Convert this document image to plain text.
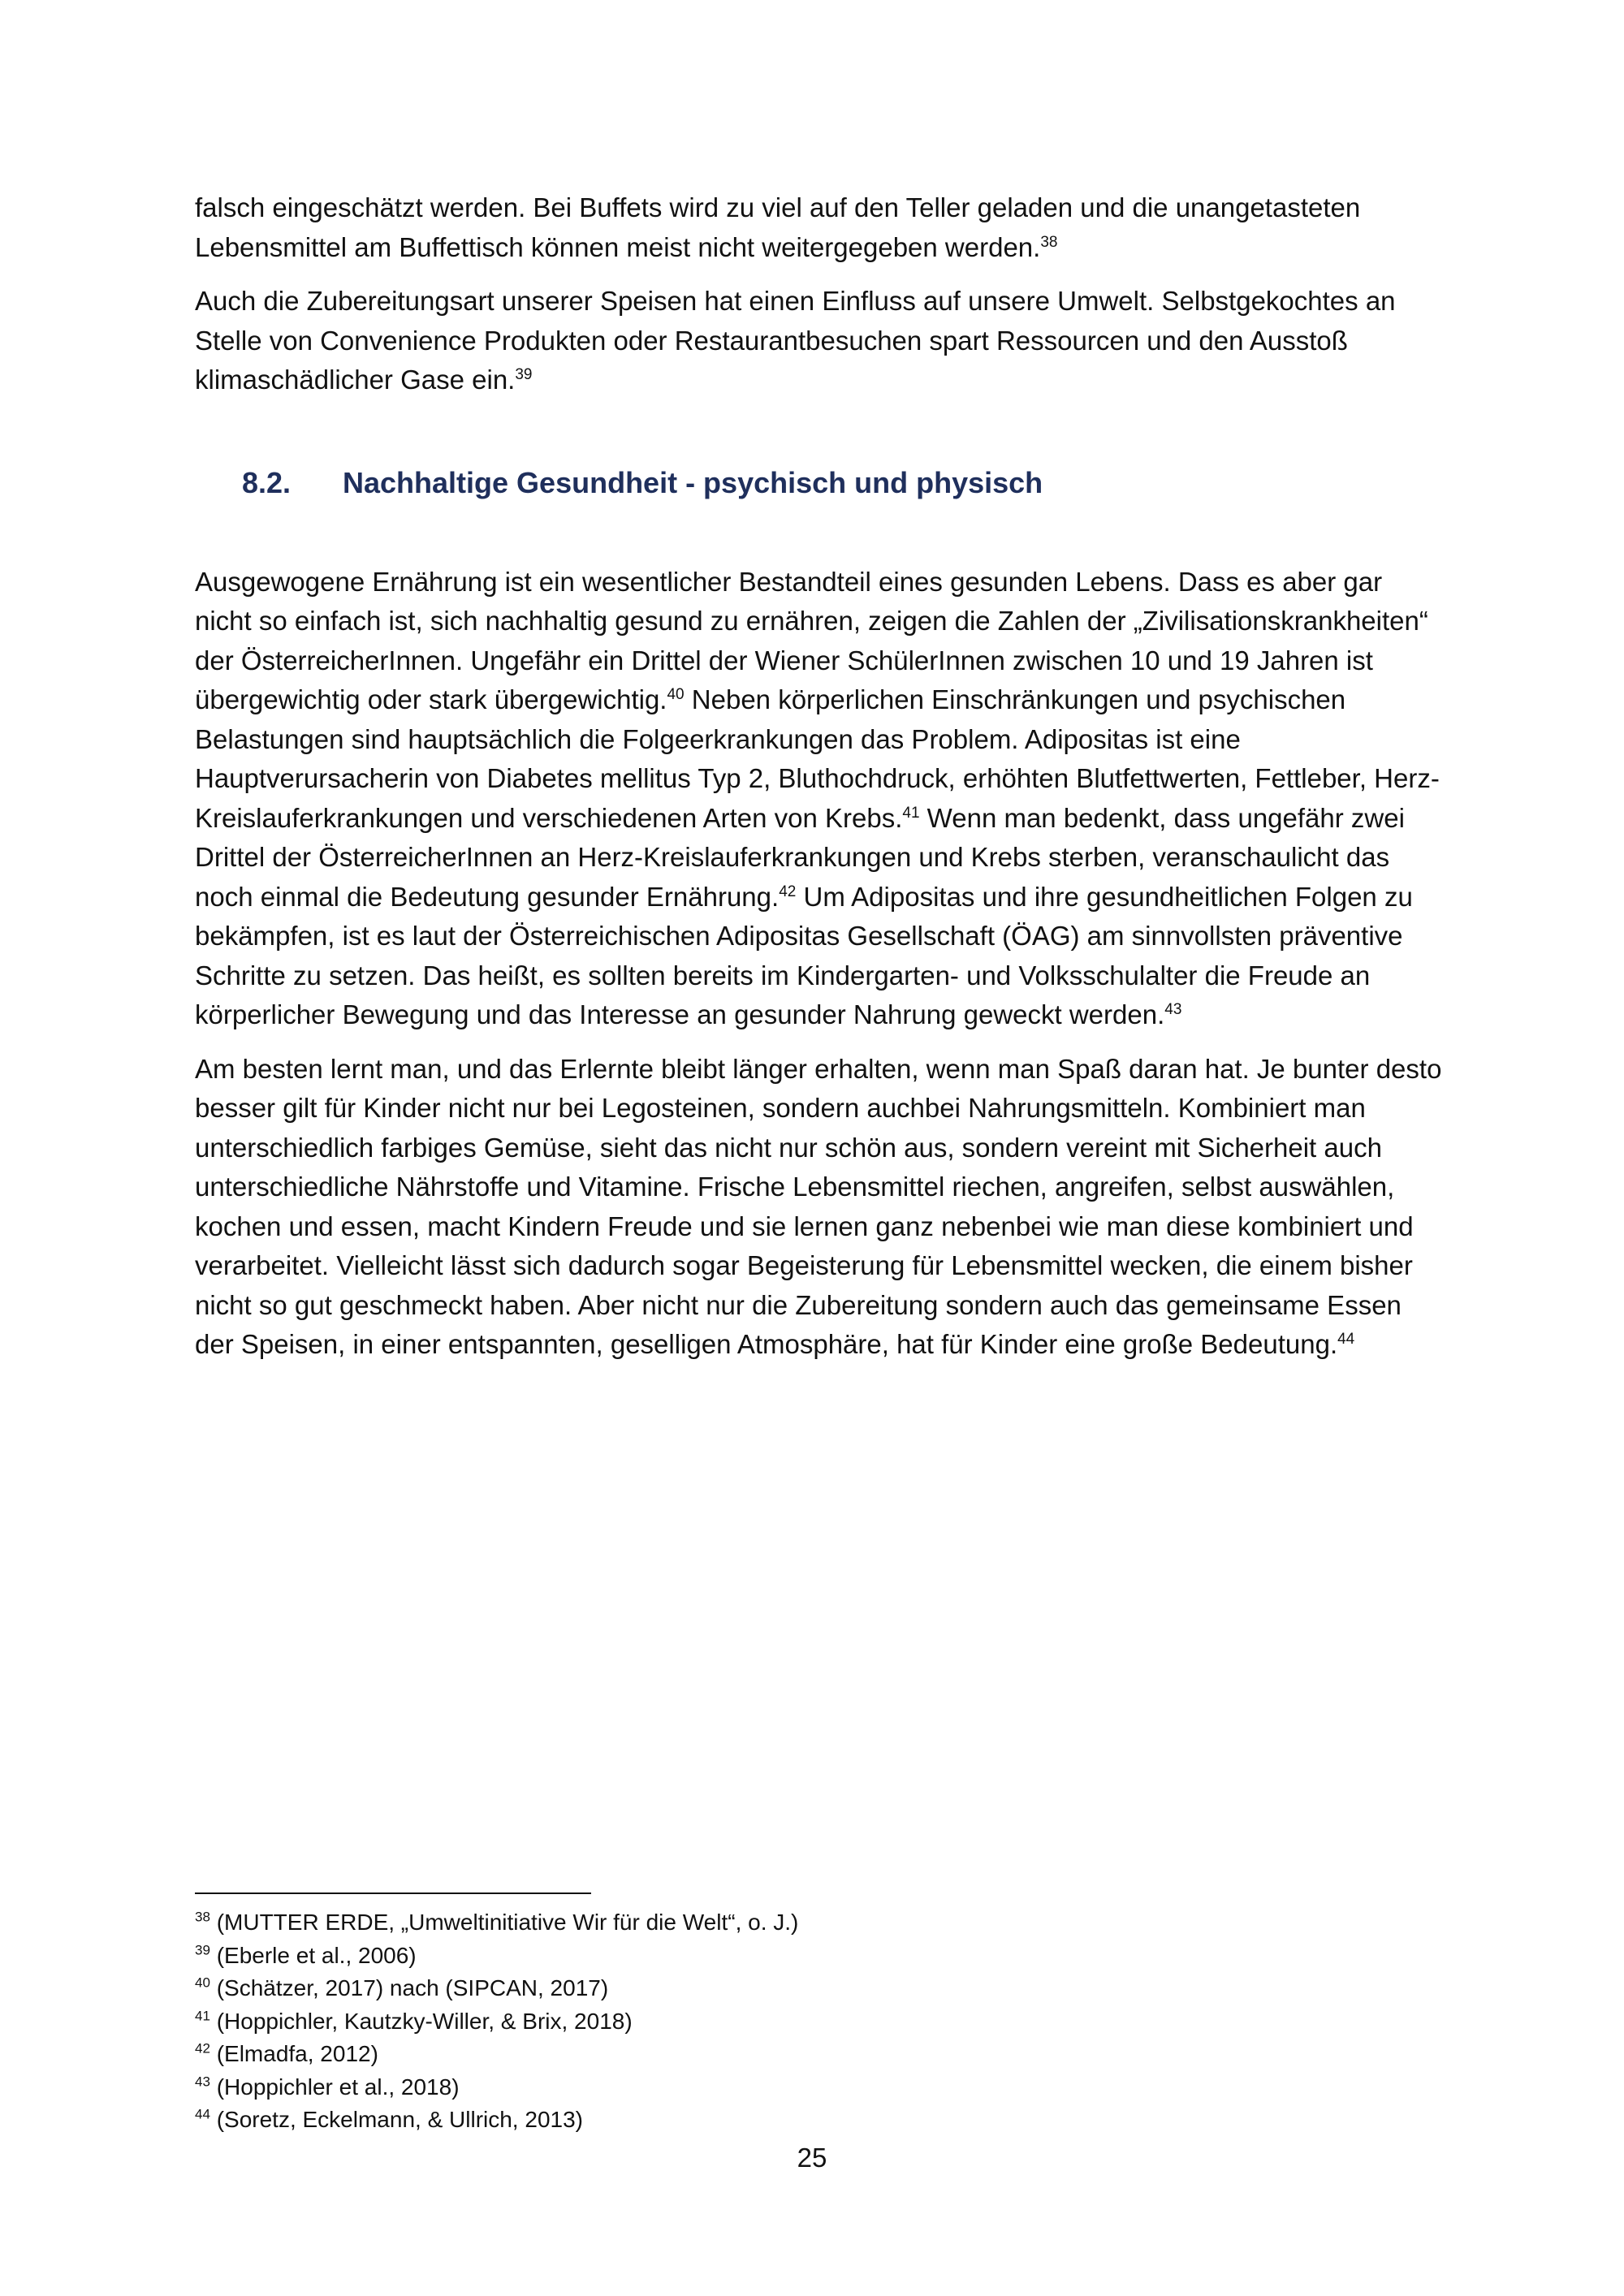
falsch eingeschätzt werden. Bei Buffets wird zu viel auf den Teller geladen und die unangetasteten Lebensmittel am Buffettisch können meist nicht weitergegeben werden.$^{38}$

Auch die Zubereitungsart unserer Speisen hat einen Einfluss auf unsere Umwelt. Selbstgekochtes an Stelle von Convenience Produkten oder Restaurantbesuchen spart Ressourcen und den Ausstoß klimaschädlicher Gase ein.$^{39}$

8.2.	Nachhaltige Gesundheit - psychisch und physisch

Ausgewogene Ernährung ist ein wesentlicher Bestandteil eines gesunden Lebens. Dass es aber gar nicht so einfach ist, sich nachhaltig gesund zu ernähren, zeigen die Zahlen der „Zivilisationskrankheiten“ der ÖsterreicherInnen. Ungefähr ein Drittel der Wiener SchülerInnen zwischen 10 und 19 Jahren ist übergewichtig oder stark übergewichtig.$^{40}$ Neben körperlichen Einschränkungen und psychischen Belastungen sind hauptsächlich die Folgeerkrankungen das Problem. Adipositas ist eine Hauptverursacherin von Diabetes mellitus Typ 2, Bluthochdruck, erhöhten Blutfettwerten, Fettleber, Herz-Kreislauferkrankungen und verschiedenen Arten von Krebs.$^{41}$ Wenn man bedenkt, dass ungefähr zwei Drittel der ÖsterreicherInnen an Herz-Kreislauferkrankungen und Krebs sterben, veranschaulicht das noch einmal die Bedeutung gesunder Ernährung.$^{42}$ Um Adipositas und ihre gesundheitlichen Folgen zu bekämpfen, ist es laut der Österreichischen Adipositas Gesellschaft (ÖAG) am sinnvollsten präventive Schritte zu setzen. Das heißt, es sollten bereits im Kindergarten- und Volksschulalter die Freude an körperlicher Bewegung und das Interesse an gesunder Nahrung geweckt werden.$^{43}$

Am besten lernt man, und das Erlernte bleibt länger erhalten, wenn man Spaß daran hat. Je bunter desto besser gilt für Kinder nicht nur bei Legosteinen, sondern auchbei Nahrungsmitteln. Kombiniert man unterschiedlich farbiges Gemüse, sieht das nicht nur schön aus, sondern vereint mit Sicherheit auch unterschiedliche Nährstoffe und Vitamine. Frische Lebensmittel riechen, angreifen, selbst auswählen, kochen und essen, macht Kindern Freude und sie lernen ganz nebenbei wie man diese kombiniert und verarbeitet. Vielleicht lässt sich dadurch sogar Begeisterung für Lebensmittel wecken, die einem bisher nicht so gut geschmeckt haben. Aber nicht nur die Zubereitung sondern auch das gemeinsame Essen der Speisen, in einer entspannten, geselligen Atmosphäre, hat für Kinder eine große Bedeutung.$^{44}$

$^{38}$ (MUTTER ERDE, „Umweltinitiative Wir für die Welt“, o. J.)

$^{39}$ (Eberle et al., 2006)

$^{40}$ (Schätzer, 2017) nach (SIPCAN, 2017)

$^{41}$ (Hoppichler, Kautzky-Willer, & Brix, 2018)

$^{42}$ (Elmadfa, 2012)

$^{43}$ (Hoppichler et al., 2018)

$^{44}$ (Soretz, Eckelmann, & Ullrich, 2013)

25
